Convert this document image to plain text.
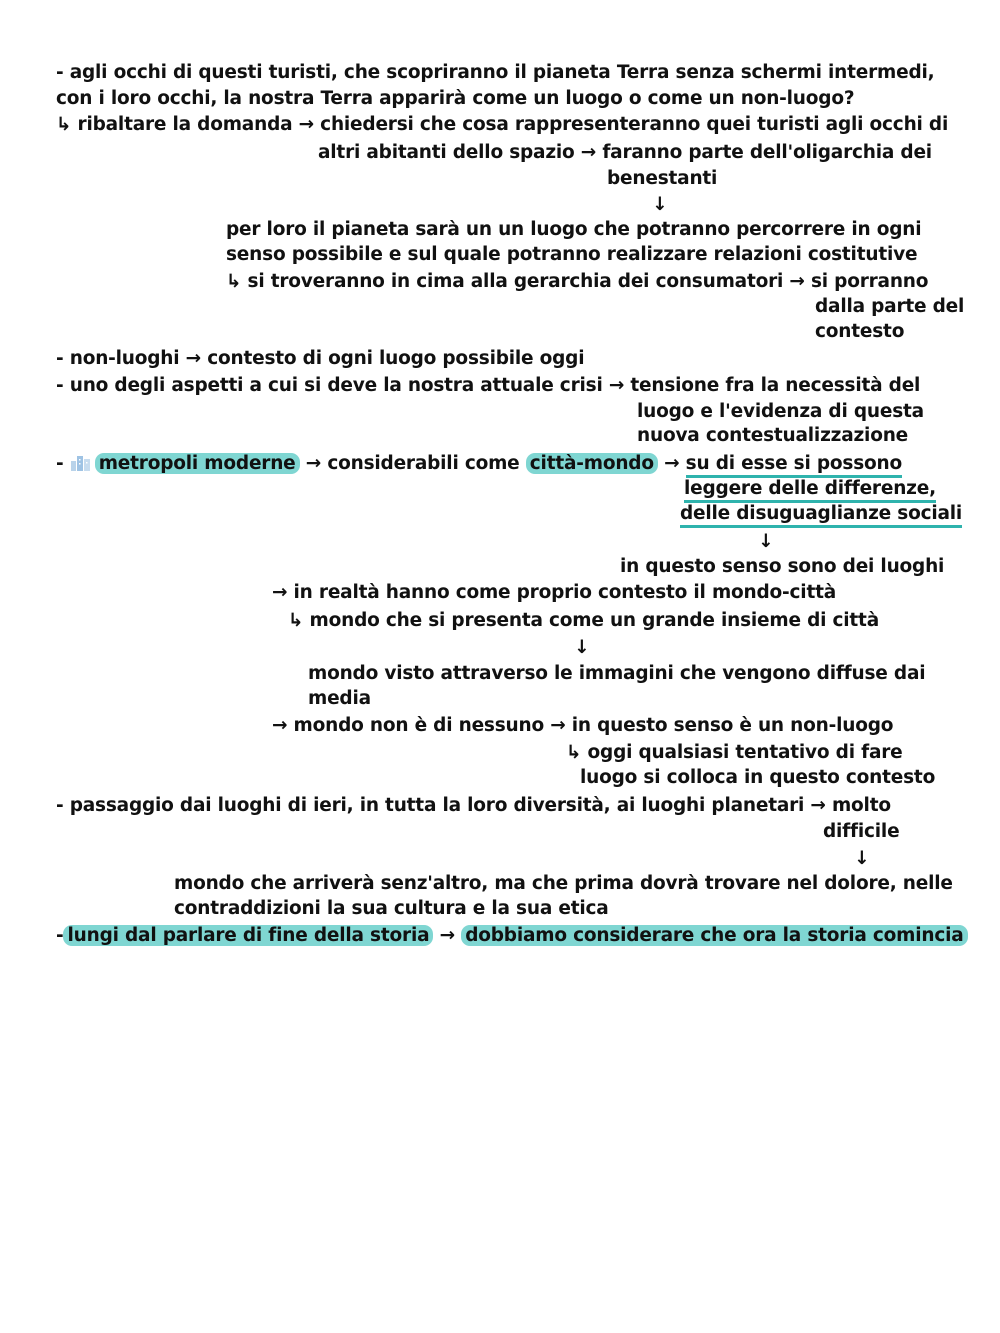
- agli occhi di questi turisti, che scopriranno il pianeta Terra senza schermi intermedi,
con i loro occhi, la nostra Terra apparirà come un luogo o come un non-luogo?
↳ ribaltare la domanda → chiedersi che cosa rappresenteranno quei turisti agli occhi di
altri abitanti dello spazio → faranno parte dell'oligarchia dei
benestanti
↓
per loro il pianeta sarà un un luogo che potranno percorrere in ogni
senso possibile e sul quale potranno realizzare relazioni costitutive
↳ si troveranno in cima alla gerarchia dei consumatori → si porranno
dalla parte del
contesto
- non-luoghi → contesto di ogni luogo possibile oggi
- uno degli aspetti a cui si deve la nostra attuale crisi → tensione fra la necessità del
luogo e l'evidenza di questa
nuova contestualizzazione
- metropoli moderne → considerabili come città-mondo → su di esse si possono
leggere delle differenze,
delle disuguaglianze sociali
↓
in questo senso sono dei luoghi
→ in realtà hanno come proprio contesto il mondo-città
↳ mondo che si presenta come un grande insieme di città
↓
mondo visto attraverso le immagini che vengono diffuse dai
media
→ mondo non è di nessuno → in questo senso è un non-luogo
↳ oggi qualsiasi tentativo di fare
luogo si colloca in questo contesto
- passaggio dai luoghi di ieri, in tutta la loro diversità, ai luoghi planetari → molto
difficile
↓
mondo che arriverà senz'altro, ma che prima dovrà trovare nel dolore, nelle
contraddizioni la sua cultura e la sua etica
- lungi dal parlare di fine della storia → dobbiamo considerare che ora la storia comincia
